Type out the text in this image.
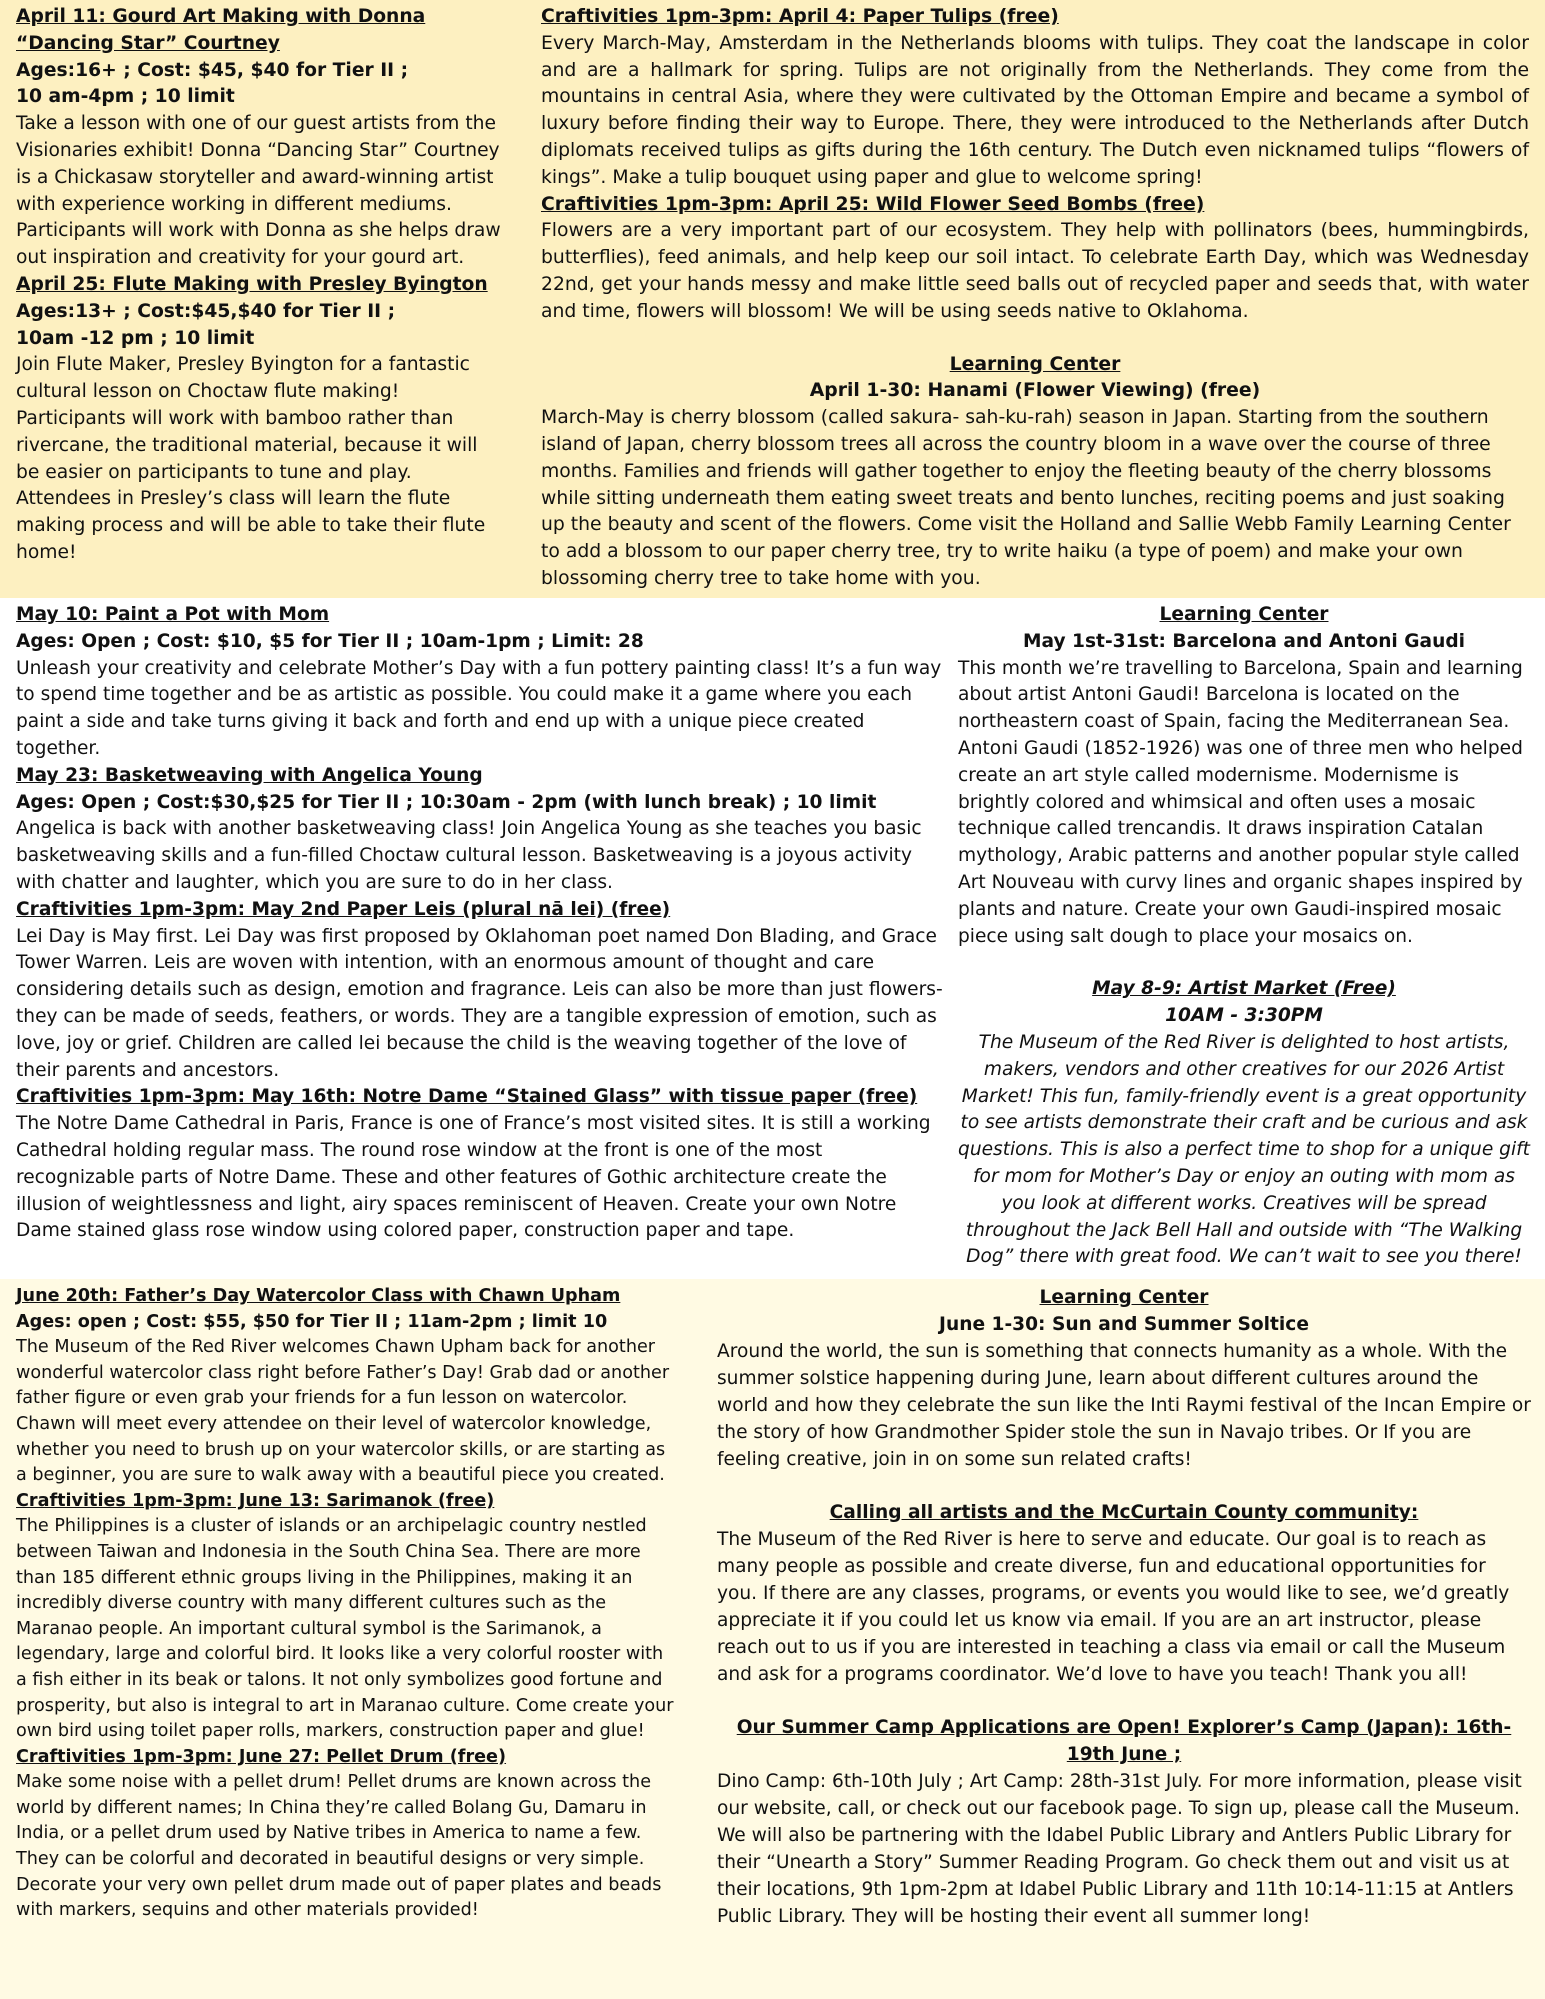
April 11: Gourd Art Making with Donna “Dancing Star” Courtney

Ages:16+ ; Cost: $45, $40 for Tier II ;

10 am-4pm ; 10 limit

Take a lesson with one of our guest artists from the Visionaries exhibit! Donna “Dancing Star” Courtney is a Chickasaw storyteller and award-winning artist with experience working in different mediums. Participants will work with Donna as she helps draw out inspiration and creativity for your gourd art.

April 25: Flute Making with Presley Byington

Ages:13+ ; Cost:$45,$40 for Tier II ;

10am -12 pm ; 10 limit

Join Flute Maker, Presley Byington for a fantastic cultural lesson on Choctaw flute making! Participants will work with bamboo rather than rivercane, the traditional material, because it will be easier on participants to tune and play. Attendees in Presley’s class will learn the flute making process and will be able to take their flute home!

Craftivities 1pm-3pm: April 4: Paper Tulips (free)

Every March-May, Amsterdam in the Netherlands blooms with tulips. They coat the landscape in color and are a hallmark for spring. Tulips are not originally from the Netherlands. They come from the mountains in central Asia, where they were cultivated by the Ottoman Empire and became a symbol of luxury before finding their way to Europe. There, they were introduced to the Netherlands after Dutch diplomats received tulips as gifts during the 16th century. The Dutch even nicknamed tulips “flowers of kings”. Make a tulip bouquet using paper and glue to welcome spring!

Craftivities 1pm-3pm: April 25: Wild Flower Seed Bombs (free)

Flowers are a very important part of our ecosystem. They help with pollinators (bees, hummingbirds, butterflies), feed animals, and help keep our soil intact. To celebrate Earth Day, which was Wednesday 22nd, get your hands messy and make little seed balls out of recycled paper and seeds that, with water and time, flowers will blossom! We will be using seeds native to Oklahoma.

Learning Center

April 1-30: Hanami (Flower Viewing) (free)

March-May is cherry blossom (called sakura- sah-ku-rah) season in Japan. Starting from the southern island of Japan, cherry blossom trees all across the country bloom in a wave over the course of three months. Families and friends will gather together to enjoy the fleeting beauty of the cherry blossoms while sitting underneath them eating sweet treats and bento lunches, reciting poems and just soaking up the beauty and scent of the flowers. Come visit the Holland and Sallie Webb Family Learning Center to add a blossom to our paper cherry tree, try to write haiku (a type of poem) and make your own blossoming cherry tree to take home with you.

May 10: Paint a Pot with Mom

Ages: Open ; Cost: $10, $5 for Tier II ; 10am-1pm ; Limit: 28

Unleash your creativity and celebrate Mother’s Day with a fun pottery painting class! It’s a fun way to spend time together and be as artistic as possible. You could make it a game where you each paint a side and take turns giving it back and forth and end up with a unique piece created together.

May 23: Basketweaving with Angelica Young

Ages: Open ; Cost:$30,$25 for Tier II ; 10:30am - 2pm (with lunch break) ; 10 limit

Angelica is back with another basketweaving class! Join Angelica Young as she teaches you basic basketweaving skills and a fun-filled Choctaw cultural lesson. Basketweaving is a joyous activity with chatter and laughter, which you are sure to do in her class.

Craftivities 1pm-3pm: May 2nd Paper Leis (plural nā lei) (free)

Lei Day is May first. Lei Day was first proposed by Oklahoman poet named Don Blading, and Grace Tower Warren. Leis are woven with intention, with an enormous amount of thought and care considering details such as design, emotion and fragrance. Leis can also be more than just flowers- they can be made of seeds, feathers, or words. They are a tangible expression of emotion, such as love, joy or grief. Children are called lei because the child is the weaving together of the love of their parents and ancestors.

Craftivities 1pm-3pm: May 16th: Notre Dame “Stained Glass” with tissue paper (free)

The Notre Dame Cathedral in Paris, France is one of France’s most visited sites. It is still a working Cathedral holding regular mass. The round rose window at the front is one of the most recognizable parts of Notre Dame. These and other features of Gothic architecture create the illusion of weightlessness and light, airy spaces reminiscent of Heaven. Create your own Notre Dame stained glass rose window using colored paper, construction paper and tape.

Learning Center

May 1st-31st: Barcelona and Antoni Gaudi

This month we’re travelling to Barcelona, Spain and learning about artist Antoni Gaudi! Barcelona is located on the northeastern coast of Spain, facing the Mediterranean Sea. Antoni Gaudi (1852-1926) was one of three men who helped create an art style called modernisme. Modernisme is brightly colored and whimsical and often uses a mosaic technique called trencandis. It draws inspiration Catalan mythology, Arabic patterns and another popular style called Art Nouveau with curvy lines and organic shapes inspired by plants and nature. Create your own Gaudi-inspired mosaic piece using salt dough to place your mosaics on.

May 8-9: Artist Market (Free)

10AM - 3:30PM

The Museum of the Red River is delighted to host artists, makers, vendors and other creatives for our 2026 Artist Market! This fun, family-friendly event is a great opportunity to see artists demonstrate their craft and be curious and ask questions. This is also a perfect time to shop for a unique gift for mom for Mother’s Day or enjoy an outing with mom as you look at different works. Creatives will be spread throughout the Jack Bell Hall and outside with “The Walking Dog” there with great food. We can’t wait to see you there!

June 20th: Father’s Day Watercolor Class with Chawn Upham

Ages: open ; Cost: $55, $50 for Tier II ; 11am-2pm ; limit 10

The Museum of the Red River welcomes Chawn Upham back for another wonderful watercolor class right before Father’s Day! Grab dad or another father figure or even grab your friends for a fun lesson on watercolor. Chawn will meet every attendee on their level of watercolor knowledge, whether you need to brush up on your watercolor skills, or are starting as a beginner, you are sure to walk away with a beautiful piece you created.

Craftivities 1pm-3pm: June 13: Sarimanok (free)

The Philippines is a cluster of islands or an archipelagic country nestled between Taiwan and Indonesia in the South China Sea. There are more than 185 different ethnic groups living in the Philippines, making it an incredibly diverse country with many different cultures such as the Maranao people. An important cultural symbol is the Sarimanok, a legendary, large and colorful bird. It looks like a very colorful rooster with a fish either in its beak or talons. It not only symbolizes good fortune and prosperity, but also is integral to art in Maranao culture. Come create your own bird using toilet paper rolls, markers, construction paper and glue!

Craftivities 1pm-3pm: June 27: Pellet Drum (free)

Make some noise with a pellet drum! Pellet drums are known across the world by different names; In China they’re called Bolang Gu, Damaru in India, or a pellet drum used by Native tribes in America to name a few. They can be colorful and decorated in beautiful designs or very simple. Decorate your very own pellet drum made out of paper plates and beads with markers, sequins and other materials provided!

Learning Center

June 1-30: Sun and Summer Soltice

Around the world, the sun is something that connects humanity as a whole. With the summer solstice happening during June, learn about different cultures around the world and how they celebrate the sun like the Inti Raymi festival of the Incan Empire or the story of how Grandmother Spider stole the sun in Navajo tribes. Or If you are feeling creative, join in on some sun related crafts!

Calling all artists and the McCurtain County community:

The Museum of the Red River is here to serve and educate. Our goal is to reach as many people as possible and create diverse, fun and educational opportunities for you. If there are any classes, programs, or events you would like to see, we’d greatly appreciate it if you could let us know via email. If you are an art instructor, please reach out to us if you are interested in teaching a class via email or call the Museum and ask for a programs coordinator. We’d love to have you teach! Thank you all!

Our Summer Camp Applications are Open! Explorer’s Camp (Japan): 16th-19th June ;

Dino Camp: 6th-10th July ; Art Camp: 28th-31st July. For more information, please visit our website, call, or check out our facebook page. To sign up, please call the Museum. We will also be partnering with the Idabel Public Library and Antlers Public Library for their “Unearth a Story” Summer Reading Program. Go check them out and visit us at their locations, 9th 1pm-2pm at Idabel Public Library and 11th 10:14-11:15 at Antlers Public Library. They will be hosting their event all summer long!
